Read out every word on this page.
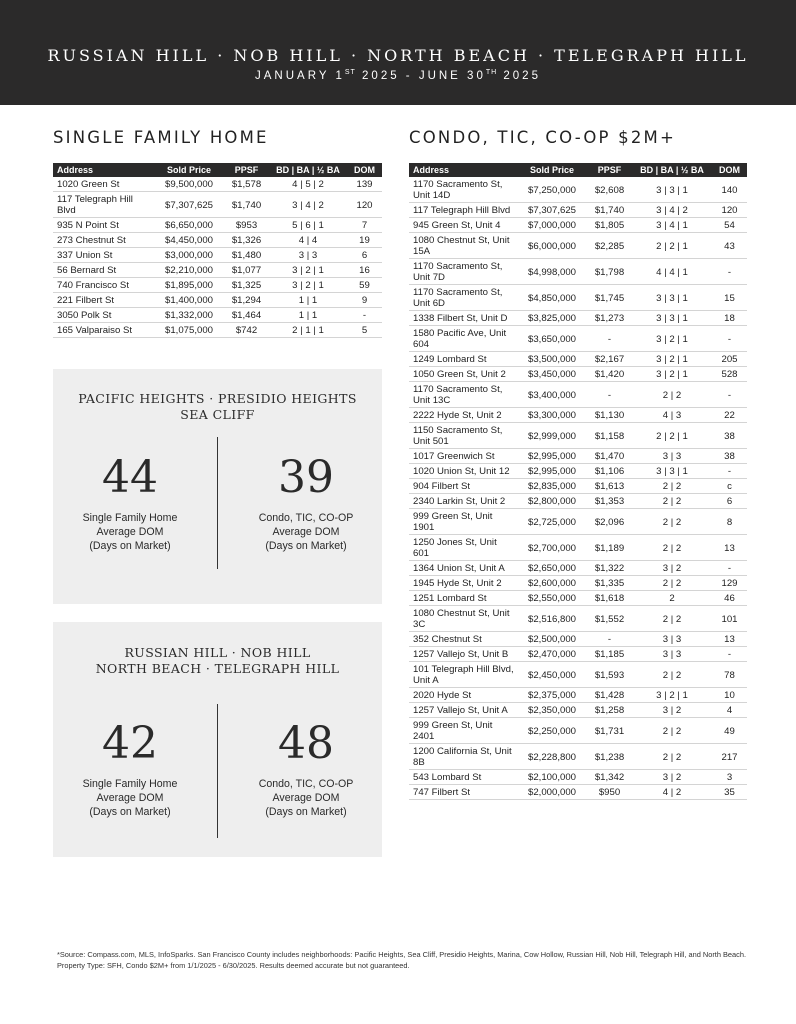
RUSSIAN HILL · NOB HILL · NORTH BEACH · TELEGRAPH HILL
JANUARY 1ST 2025 - JUNE 30TH 2025
SINGLE FAMILY HOME
Address	Sold Price	PPSF	BD | BA | ½ BA	DOM
1020 Green St	$9,500,000	$1,578	4 | 5 | 2	139
117 Telegraph Hill Blvd	$7,307,625	$1,740	3 | 4 | 2	120
935 N Point St	$6,650,000	$953	5 | 6 | 1	7
273 Chestnut St	$4,450,000	$1,326	4 | 4	19
337 Union St	$3,000,000	$1,480	3 | 3	6
56 Bernard St	$2,210,000	$1,077	3 | 2 | 1	16
740 Francisco St	$1,895,000	$1,325	3 | 2 | 1	59
221 Filbert St	$1,400,000	$1,294	1 | 1	9
3050 Polk St	$1,332,000	$1,464	1 | 1	-
165 Valparaiso St	$1,075,000	$742	2 | 1 | 1	5
CONDO, TIC, CO-OP $2M+
Address	Sold Price	PPSF	BD | BA | ½ BA	DOM
1170 Sacramento St, Unit 14D	$7,250,000	$2,608	3 | 3 | 1	140
117 Telegraph Hill Blvd	$7,307,625	$1,740	3 | 4 | 2	120
945 Green St, Unit 4	$7,000,000	$1,805	3 | 4 | 1	54
1080 Chestnut St, Unit 15A	$6,000,000	$2,285	2 | 2 | 1	43
1170 Sacramento St, Unit 7D	$4,998,000	$1,798	4 | 4 | 1	-
1170 Sacramento St, Unit 6D	$4,850,000	$1,745	3 | 3 | 1	15
1338 Filbert St, Unit D	$3,825,000	$1,273	3 | 3 | 1	18
1580 Pacific Ave, Unit 604	$3,650,000	-	3 | 2 | 1	-
1249 Lombard St	$3,500,000	$2,167	3 | 2 | 1	205
1050 Green St, Unit 2	$3,450,000	$1,420	3 | 2 | 1	528
1170 Sacramento St, Unit 13C	$3,400,000	-	2 | 2	-
2222 Hyde St, Unit 2	$3,300,000	$1,130	4 | 3	22
1150 Sacramento St, Unit 501	$2,999,000	$1,158	2 | 2 | 1	38
1017 Greenwich St	$2,995,000	$1,470	3 | 3	38
1020 Union St, Unit 12	$2,995,000	$1,106	3 | 3 | 1	-
904 Filbert St	$2,835,000	$1,613	2 | 2	c
2340 Larkin St, Unit 2	$2,800,000	$1,353	2 | 2	6
999 Green St, Unit 1901	$2,725,000	$2,096	2 | 2	8
1250 Jones St, Unit 601	$2,700,000	$1,189	2 | 2	13
1364 Union St, Unit A	$2,650,000	$1,322	3 | 2	-
1945 Hyde St, Unit 2	$2,600,000	$1,335	2 | 2	129
1251 Lombard St	$2,550,000	$1,618	2	46
1080 Chestnut St, Unit 3C	$2,516,800	$1,552	2 | 2	101
352 Chestnut St	$2,500,000	-	3 | 3	13
1257 Vallejo St, Unit B	$2,470,000	$1,185	3 | 3	-
101 Telegraph Hill Blvd, Unit A	$2,450,000	$1,593	2 | 2	78
2020 Hyde St	$2,375,000	$1,428	3 | 2 | 1	10
1257 Vallejo St, Unit A	$2,350,000	$1,258	3 | 2	4
999 Green St, Unit 2401	$2,250,000	$1,731	2 | 2	49
1200 California St, Unit 8B	$2,228,800	$1,238	2 | 2	217
543 Lombard St	$2,100,000	$1,342	3 | 2	3
747 Filbert St	$2,000,000	$950	4 | 2	35
PACIFIC HEIGHTS · PRESIDIO HEIGHTS
SEA CLIFF
44
Single Family Home
Average DOM
(Days on Market)
39
Condo, TIC, CO-OP
Average DOM
(Days on Market)
RUSSIAN HILL · NOB HILL
NORTH BEACH · TELEGRAPH HILL
42
Single Family Home
Average DOM
(Days on Market)
48
Condo, TIC, CO-OP
Average DOM
(Days on Market)
*Source: Compass.com, MLS, InfoSparks. San Francisco County includes neighborhoods: Pacific Heights, Sea Cliff, Presidio Heights, Marina, Cow Hollow, Russian Hill, Nob Hill, Telegraph Hill, and North Beach. Property Type: SFH, Condo $2M+ from 1/1/2025 - 6/30/2025. Results deemed accurate but not guaranteed.
